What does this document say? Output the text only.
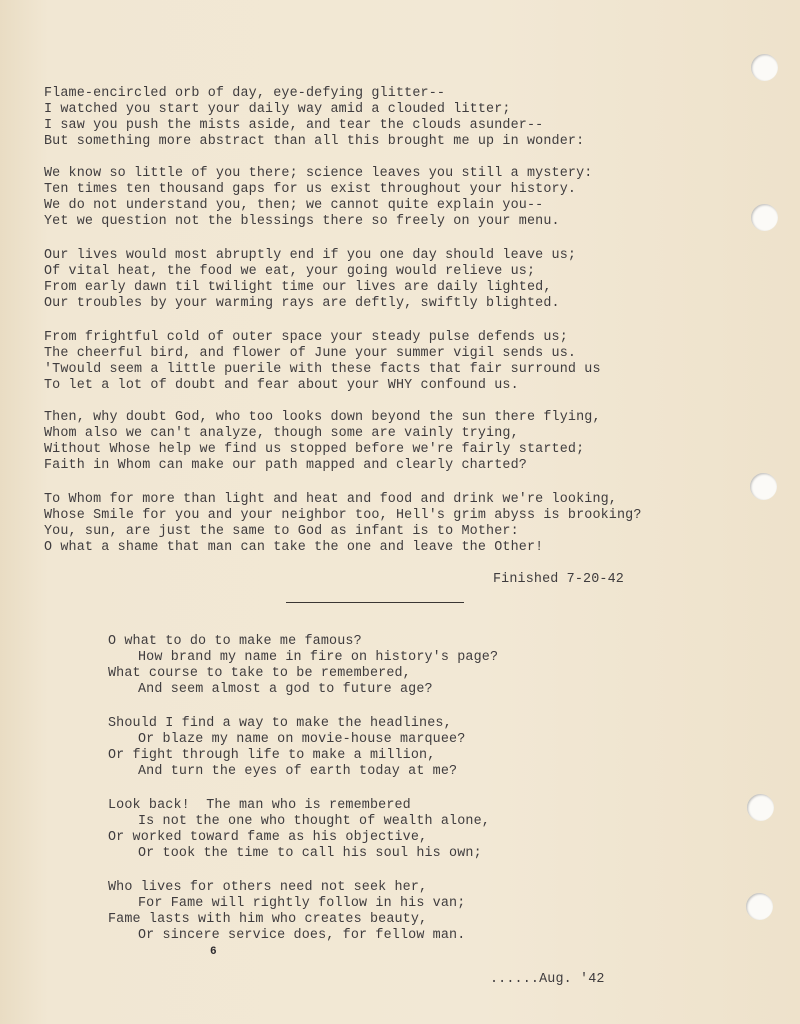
Flame-encircled orb of day, eye-defying glitter--
I watched you start your daily way amid a clouded litter;
I saw you push the mists aside, and tear the clouds asunder--
But something more abstract than all this brought me up in wonder:
We know so little of you there; science leaves you still a mystery:
Ten times ten thousand gaps for us exist throughout your history.
We do not understand you, then; we cannot quite explain you--
Yet we question not the blessings there so freely on your menu.
Our lives would most abruptly end if you one day should leave us;
Of vital heat, the food we eat, your going would relieve us;
From early dawn til twilight time our lives are daily lighted,
Our troubles by your warming rays are deftly, swiftly blighted.
From frightful cold of outer space your steady pulse defends us;
The cheerful bird, and flower of June your summer vigil sends us.
'Twould seem a little puerile with these facts that fair surround us
To let a lot of doubt and fear about your WHY confound us.
Then, why doubt God, who too looks down beyond the sun there flying,
Whom also we can't analyze, though some are vainly trying,
Without Whose help we find us stopped before we're fairly started;
Faith in Whom can make our path mapped and clearly charted?
To Whom for more than light and heat and food and drink we're looking,
Whose Smile for you and your neighbor too, Hell's grim abyss is brooking?
You, sun, are just the same to God as infant is to Mother:
O what a shame that man can take the one and leave the Other!
Finished 7-20-42
O what to do to make me famous?
How brand my name in fire on history's page?
What course to take to be remembered,
And seem almost a god to future age?
Should I find a way to make the headlines,
Or blaze my name on movie-house marquee?
Or fight through life to make a million,
And turn the eyes of earth today at me?
Look back!  The man who is remembered
Is not the one who thought of wealth alone,
Or worked toward fame as his objective,
Or took the time to call his soul his own;
Who lives for others need not seek her,
For Fame will rightly follow in his van;
Fame lasts with him who creates beauty,
Or sincere service does, for fellow man.
......Aug. '42
6
